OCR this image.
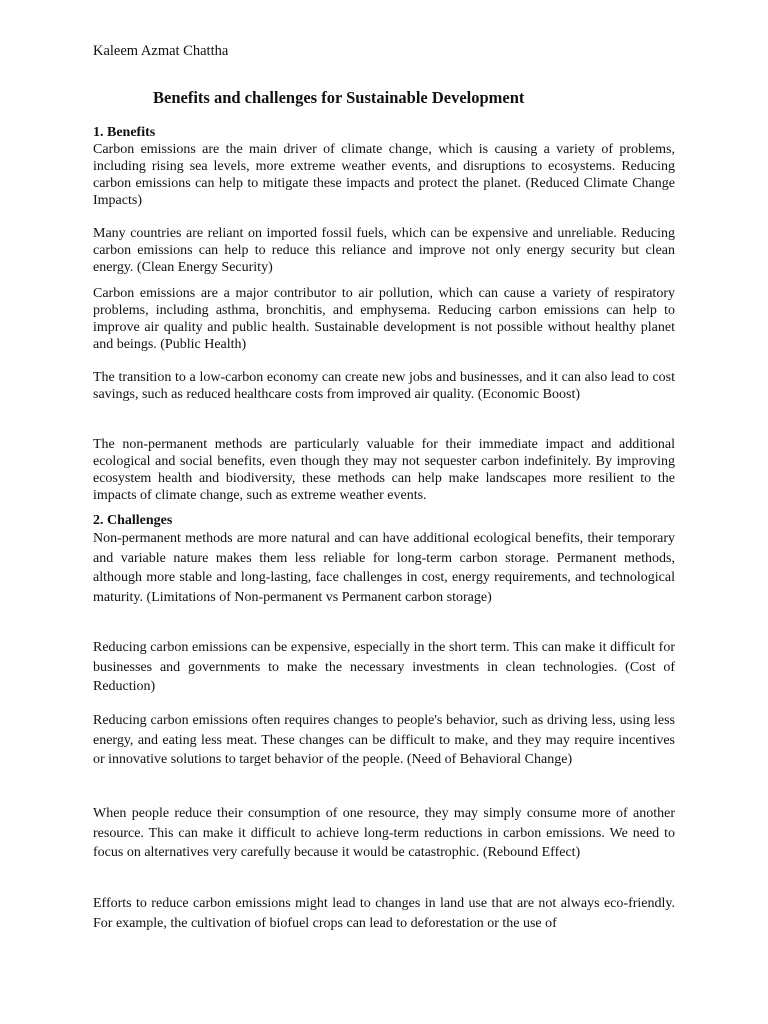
Kaleem Azmat Chattha
Benefits and challenges for Sustainable Development
1. Benefits

Carbon emissions are the main driver of climate change, which is causing a variety of problems, including rising sea levels, more extreme weather events, and disruptions to ecosystems. Reducing carbon emissions can help to mitigate these impacts and protect the planet. (Reduced Climate Change Impacts)

Many countries are reliant on imported fossil fuels, which can be expensive and unreliable. Reducing carbon emissions can help to reduce this reliance and improve not only energy security but clean energy. (Clean Energy Security)

Carbon emissions are a major contributor to air pollution, which can cause a variety of respiratory problems, including asthma, bronchitis, and emphysema. Reducing carbon emissions can help to improve air quality and public health. Sustainable development is not possible without healthy planet and beings. (Public Health)

The transition to a low-carbon economy can create new jobs and businesses, and it can also lead to cost savings, such as reduced healthcare costs from improved air quality. (Economic Boost)

The non-permanent methods are particularly valuable for their immediate impact and additional ecological and social benefits, even though they may not sequester carbon indefinitely. By improving ecosystem health and biodiversity, these methods can help make landscapes more resilient to the impacts of climate change, such as extreme weather events.

2. Challenges

Non-permanent methods are more natural and can have additional ecological benefits, their temporary and variable nature makes them less reliable for long-term carbon storage. Permanent methods, although more stable and long-lasting, face challenges in cost, energy requirements, and technological maturity. (Limitations of Non-permanent vs Permanent carbon storage)

Reducing carbon emissions can be expensive, especially in the short term. This can make it difficult for businesses and governments to make the necessary investments in clean technologies. (Cost of Reduction)

Reducing carbon emissions often requires changes to people's behavior, such as driving less, using less energy, and eating less meat. These changes can be difficult to make, and they may require incentives or innovative solutions to target behavior of the people. (Need of Behavioral Change)

When people reduce their consumption of one resource, they may simply consume more of another resource. This can make it difficult to achieve long-term reductions in carbon emissions. We need to focus on alternatives very carefully because it would be catastrophic. (Rebound Effect)

Efforts to reduce carbon emissions might lead to changes in land use that are not always eco-friendly. For example, the cultivation of biofuel crops can lead to deforestation or the use of
